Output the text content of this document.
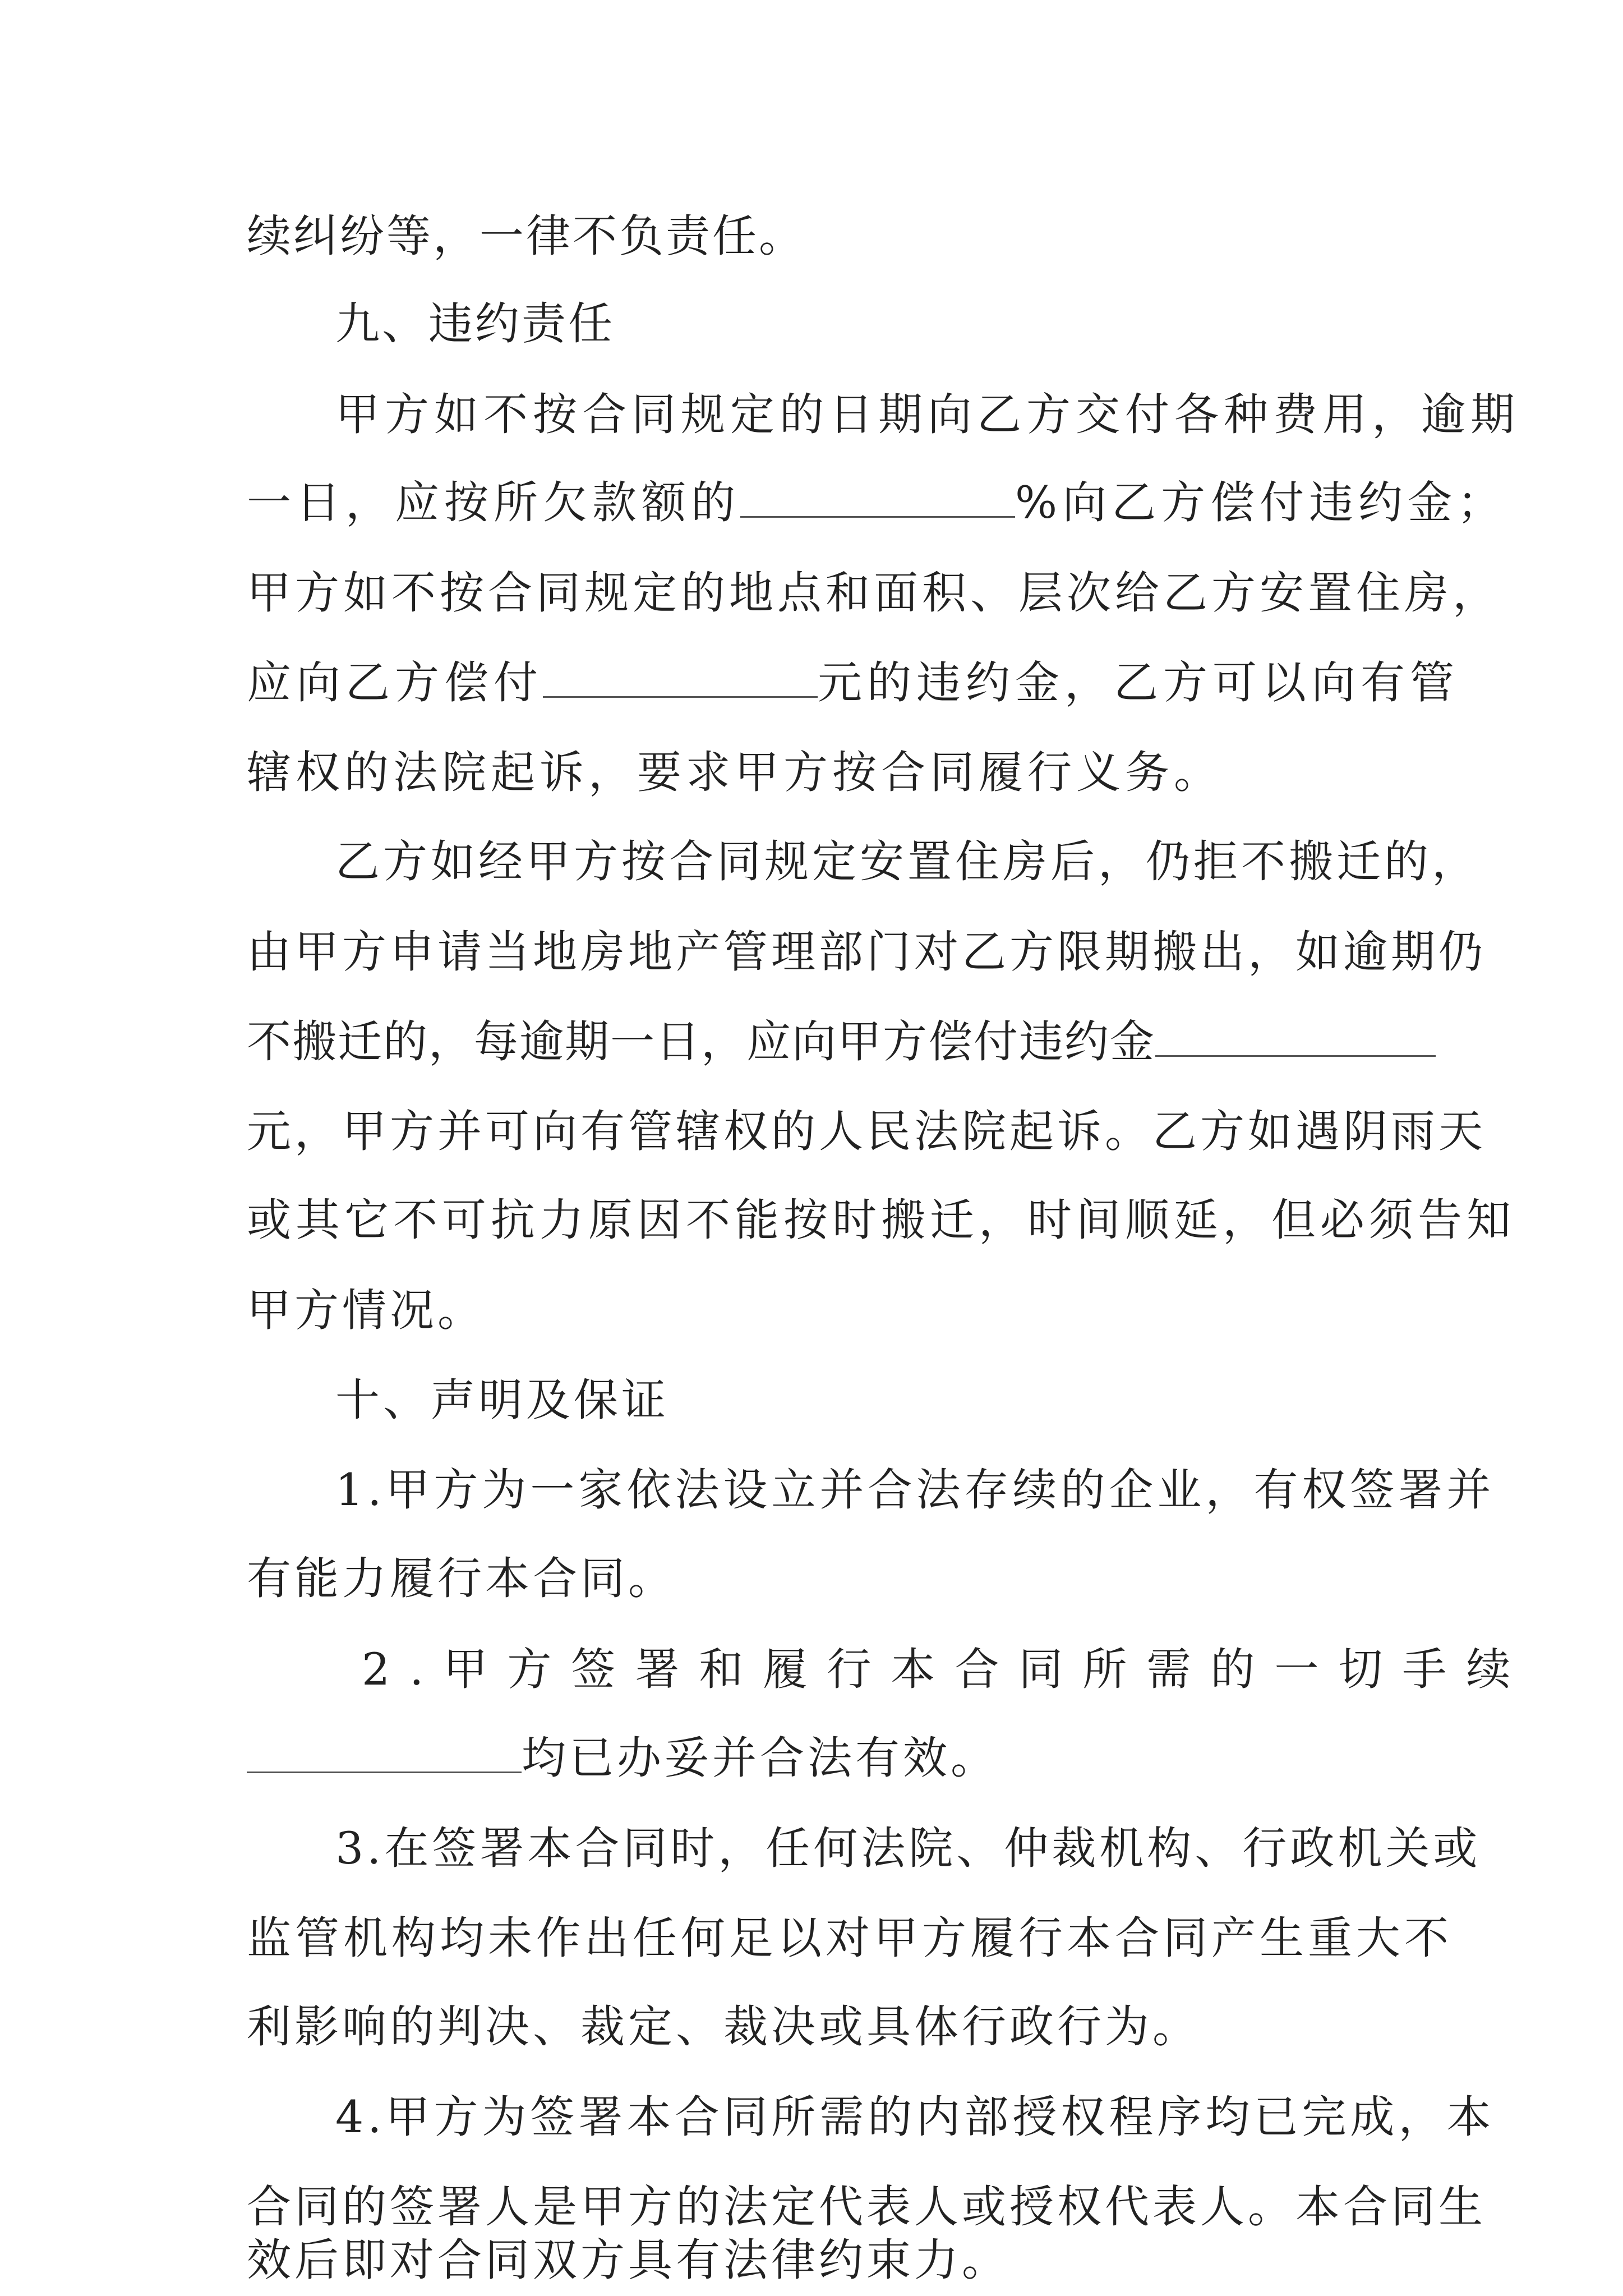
续纠纷等，一律不负责任。
九、违约责任
甲方如不按合同规定的日期向乙方交付各种费用，逾期
一日，应按所欠款额的	%向乙方偿付违约金；
甲方如不按合同规定的地点和面积、层次给乙方安置住房，
应向乙方偿付	元的违约金，乙方可以向有管
辖权的法院起诉，要求甲方按合同履行义务。
乙方如经甲方按合同规定安置住房后，仍拒不搬迁的，
由甲方申请当地房地产管理部门对乙方限期搬出，如逾期仍
不搬迁的，每逾期一日，应向甲方偿付违约金
元，甲方并可向有管辖权的人民法院起诉。乙方如遇阴雨天
或其它不可抗力原因不能按时搬迁，时间顺延，但必须告知
甲方情况。
十、声明及保证
1.甲方为一家依法设立并合法存续的企业，有权签署并
有能力履行本合同。
2.甲方签署和履行本合同所需的一切手续
均已办妥并合法有效。
3.在签署本合同时，任何法院、仲裁机构、行政机关或
监管机构均未作出任何足以对甲方履行本合同产生重大不
利影响的判决、裁定、裁决或具体行政行为。
4.甲方为签署本合同所需的内部授权程序均已完成，本
合同的签署人是甲方的法定代表人或授权代表人。本合同生
效后即对合同双方具有法律约束力。
